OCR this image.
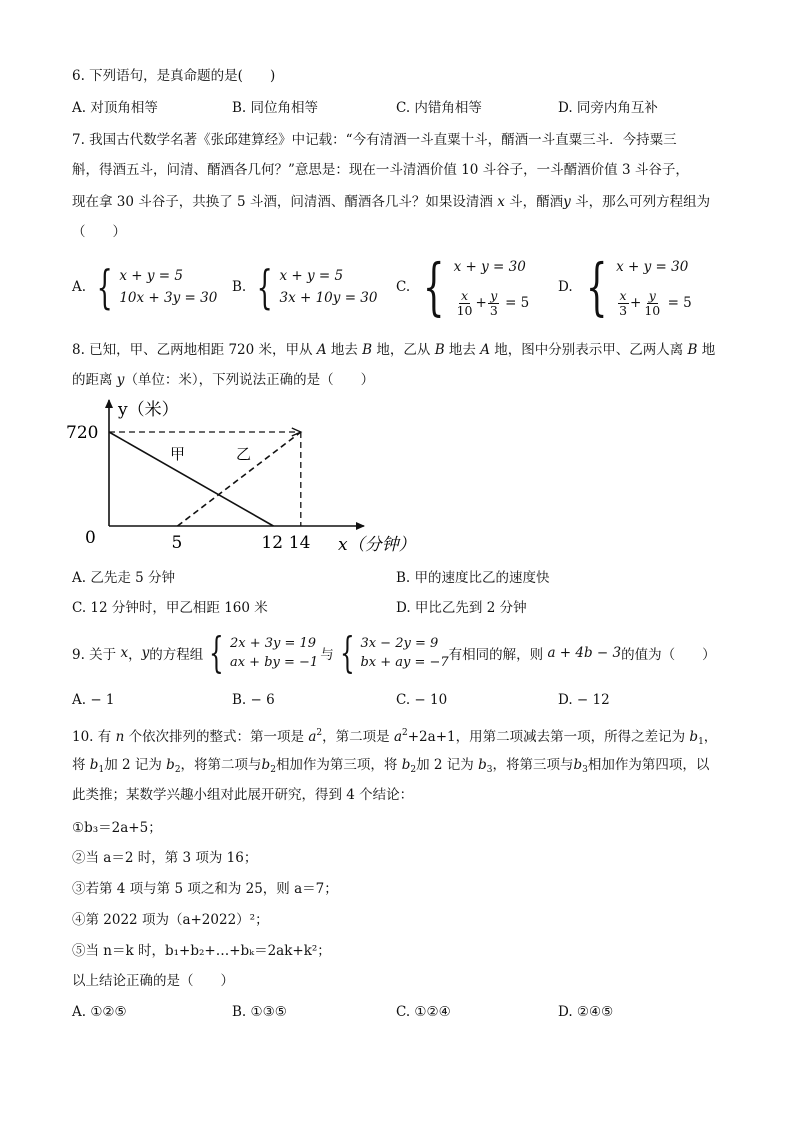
6. 下列语句，是真命题的是(　　)
A. 对顶角相等	B. 同位角相等	C. 内错角相等	D. 同旁内角互补
7. 我国古代数学名著《张邱建算经》中记载：“今有清酒一斗直粟十斗，醑酒一斗直粟三斗．今持粟三
斛，得酒五斗，问清、醑酒各几何？”意思是：现在一斗清酒价值 10 斗谷子，一斗醑酒价值 3 斗谷子，
现在拿 30 斗谷子，共换了 5 斗酒，问清酒、醑酒各几斗？如果设清酒 x 斗，醑酒y 斗，那么可列方程组为
（　　）
A. { x + y = 5
10x + 3y = 30
B. { x + y = 5
3x + 10y = 30
C. { x + y = 30
$\frac{x}{10} + \frac{y}{3} = 5$
D. { x + y = 30
$\frac{x}{3} + \frac{y}{10} = 5$
8. 已知，甲、乙两地相距 720 米，甲从 A 地去 B 地，乙从 B 地去 A 地，图中分别表示甲、乙两人离 B 地
的距离 y（单位：米），下列说法正确的是（　　）
0	5	12 14
720
y（米）
x（分钟）
甲	乙
A. 乙先走 5 分钟	B. 甲的速度比乙的速度快
C. 12 分钟时，甲乙相距 160 米	D. 甲比乙先到 2 分钟
9. 关于
x ， y 的方程组 { 2x + 3y = 19
ax + by = −1 与 { 3x − 2y = 9
bx + ay = −7 有相同的解，则
a + 4b − 3 的值为（　　）
A. − 1	B. − 6	C. − 10	D. − 12
10. 有 n 个依次排列的整式：第一项是 $a^2$，第二项是 $a^2+2a+1$，用第二项减去第一项，所得之差记为 $b_1$，
将 $b_1$加 2 记为 $b_2$，将第二项与$b_2$相加作为第三项，将 $b_2$加 2 记为 $b_3$，将第三项与$b_3$相加作为第四项，以
此类推；某数学兴趣小组对此展开研究，得到 4 个结论：
①b₃＝2a+5；
②当 a＝2 时，第 3 项为 16；
③若第 4 项与第 5 项之和为 25，则 a＝7；
④第 2022 项为（a+2022）²；
⑤当 n＝k 时，b₁+b₂+…+bₖ＝2ak+k²；
以上结论正确的是（　　）
A. ①②⑤	B. ①③⑤	C. ①②④	D. ②④⑤
